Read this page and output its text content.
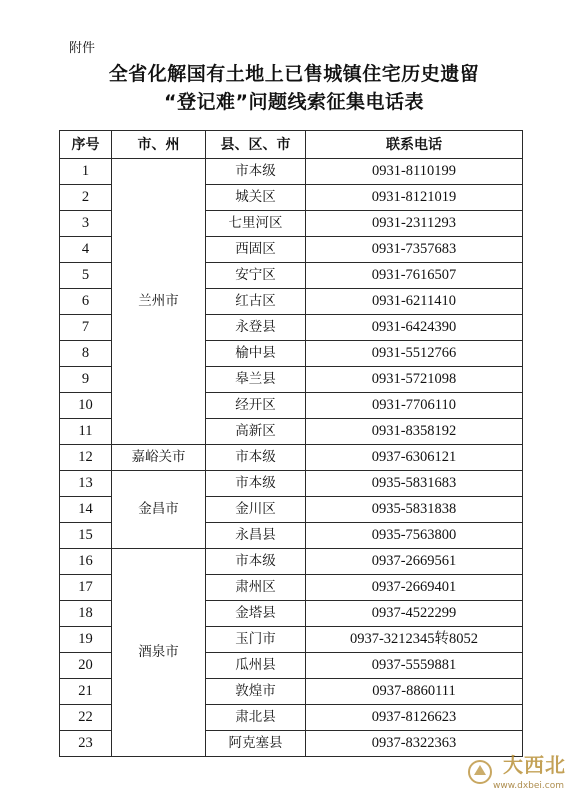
附件
全省化解国有土地上已售城镇住宅历史遗留
“登记难”问题线索征集电话表
序号	市、州	县、区、市	联系电话
1	兰州市	市本级	0931-8110199
2		城关区	0931-8121019
3		七里河区	0931-2311293
4		西固区	0931-7357683
5		安宁区	0931-7616507
6		红古区	0931-6211410
7		永登县	0931-6424390
8		榆中县	0931-5512766
9		皋兰县	0931-5721098
10		经开区	0931-7706110
11		高新区	0931-8358192
12	嘉峪关市	市本级	0937-6306121
13	金昌市	市本级	0935-5831683
14		金川区	0935-5831838
15		永昌县	0935-7563800
16	酒泉市	市本级	0937-2669561
17		肃州区	0937-2669401
18		金塔县	0937-4522299
19		玉门市	0937-3212345转8052
20		瓜州县	0937-5559881
21		敦煌市	0937-8860111
22		肃北县	0937-8126623
23		阿克塞县	0937-8322363
大西北
www.dxbei.com
